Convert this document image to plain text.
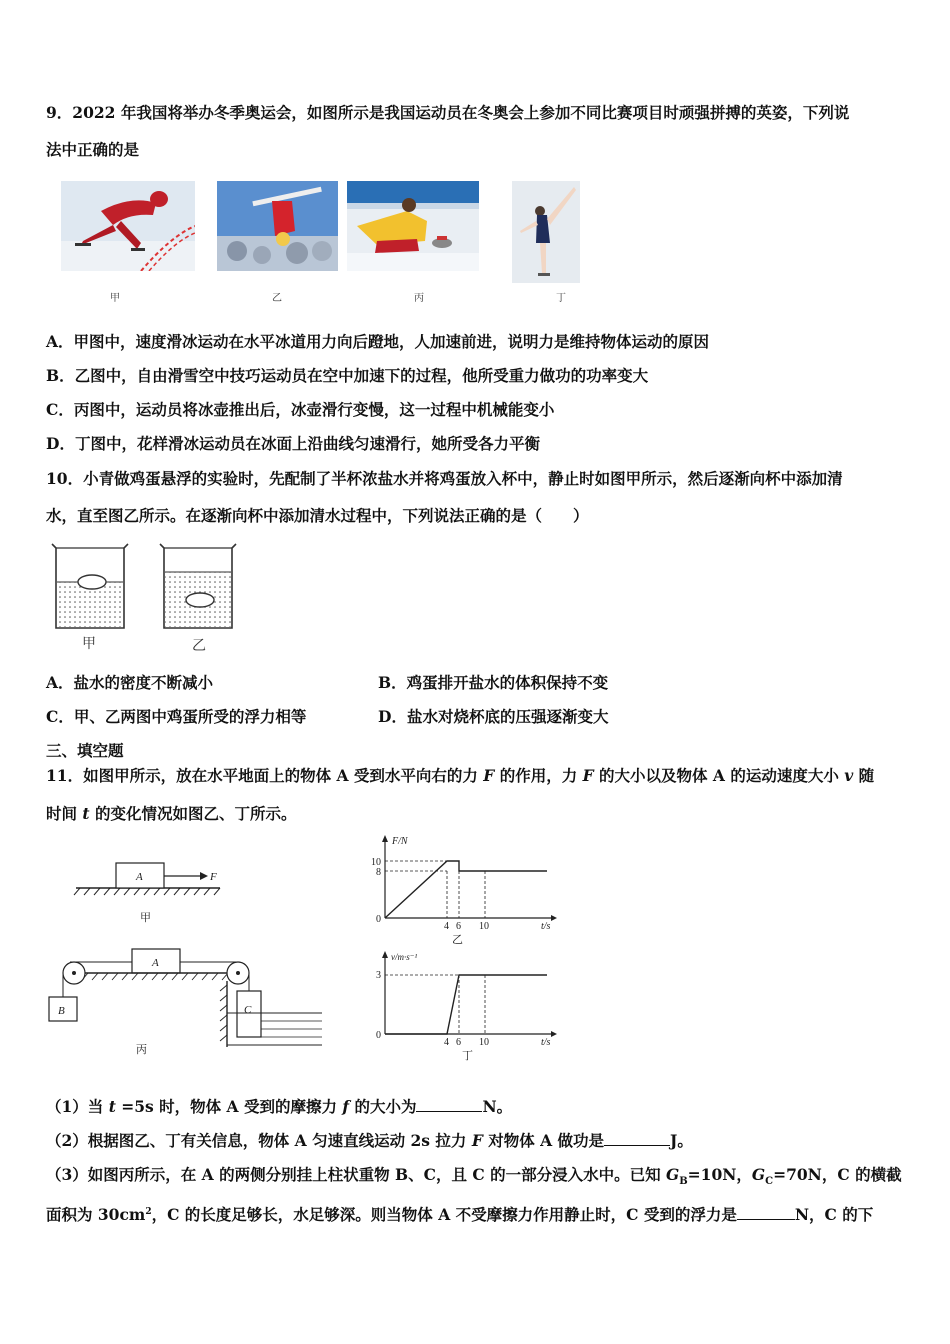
9．2022 年我国将举办冬季奥运会，如图所示是我国运动员在冬奥会上参加不同比赛项目时顽强拼搏的英姿，下列说
法中正确的是
甲	乙	丙	丁
A．甲图中，速度滑冰运动在水平冰道用力向后蹬地，人加速前进，说明力是维持物体运动的原因
B．乙图中，自由滑雪空中技巧运动员在空中加速下的过程，他所受重力做功的功率变大
C．丙图中，运动员将冰壶推出后，冰壶滑行变慢，这一过程中机械能变小
D．丁图中，花样滑冰运动员在冰面上沿曲线匀速滑行，她所受各力平衡
10．小青做鸡蛋悬浮的实验时，先配制了半杯浓盐水并将鸡蛋放入杯中，静止时如图甲所示，然后逐渐向杯中添加清
水，直至图乙所示。在逐渐向杯中添加清水过程中，下列说法正确的是（　　）
甲	乙
A．盐水的密度不断减小	B．鸡蛋排开盐水的体积保持不变
C．甲、乙两图中鸡蛋所受的浮力相等	D．盐水对烧杯底的压强逐渐变大
三、填空题
11．如图甲所示，放在水平地面上的物体 A 受到水平向右的力 F 的作用，力 F 的大小以及物体 A 的运动速度大小 v 随
时间 t 的变化情况如图乙、丁所示。
A	F
甲
A
B	C
丙
F/N
10
8
0
4 6 10	t/s
乙
v/m·s⁻¹
3
0
4 6 10	t/s
丁
（1）当 t =5s 时，物体 A 受到的摩擦力 f 的大小为	N。
（2）根据图乙、丁有关信息，物体 A 匀速直线运动 2s 拉力 F 对物体 A 做功是	J。
（3）如图丙所示，在 A 的两侧分别挂上柱状重物 B、C，且 C 的一部分浸入水中。已知 $G_B=10N$，$G_C=70N$，C 的横截
面积为 $30cm^2$，C 的长度足够长，水足够深。则当物体 A 不受摩擦力作用静止时，C 受到的浮力是	N，C 的下
